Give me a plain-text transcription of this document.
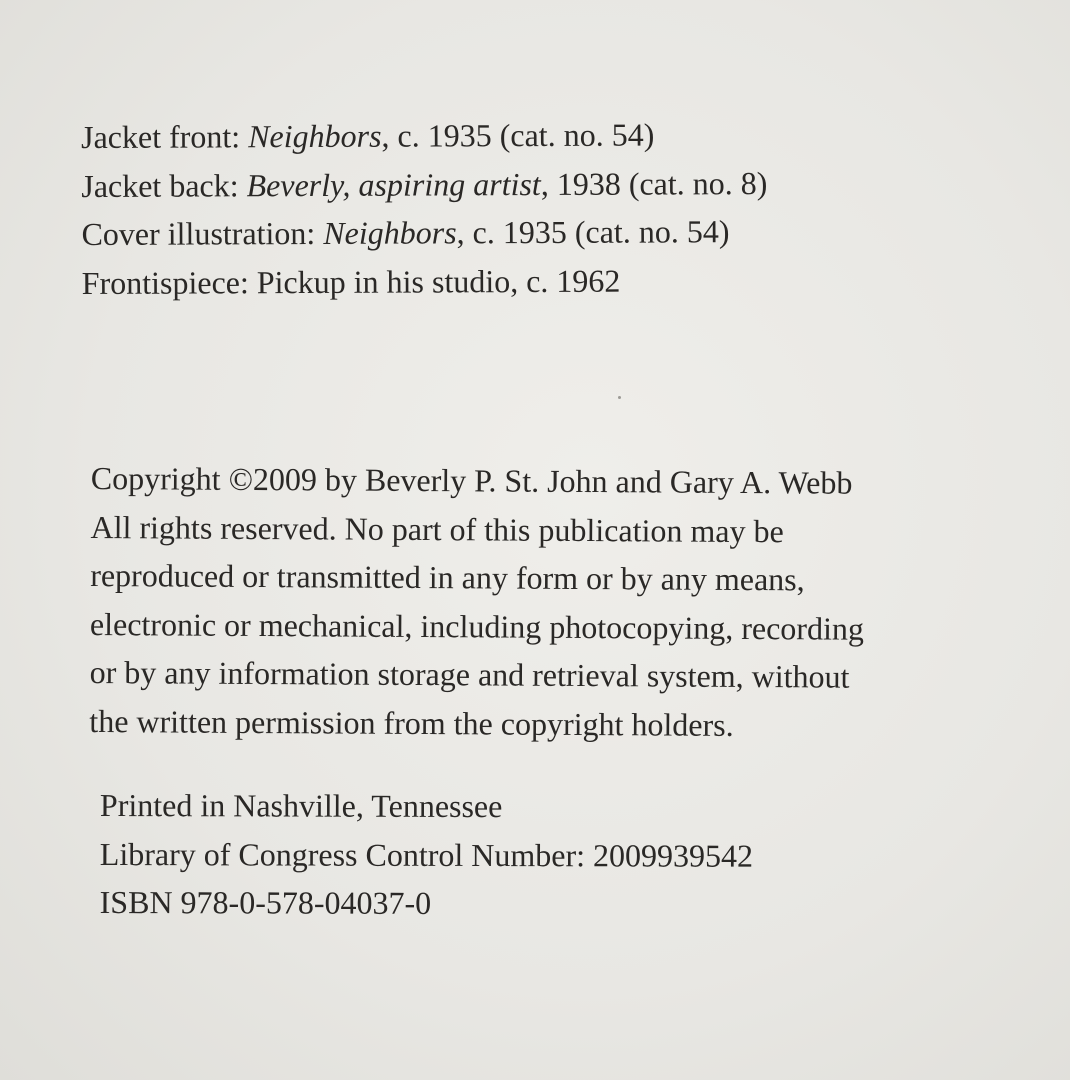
Jacket front: Neighbors, c. 1935 (cat. no. 54)
Jacket back: Beverly, aspiring artist, 1938 (cat. no. 8)
Cover illustration: Neighbors, c. 1935 (cat. no. 54)
Frontispiece: Pickup in his studio, c. 1962
Copyright ©2009 by Beverly P. St. John and Gary A. Webb
All rights reserved. No part of this publication may be
reproduced or transmitted in any form or by any means,
electronic or mechanical, including photocopying, recording
or by any information storage and retrieval system, without
the written permission from the copyright holders.
Printed in Nashville, Tennessee
Library of Congress Control Number: 2009939542
ISBN 978-0-578-04037-0
